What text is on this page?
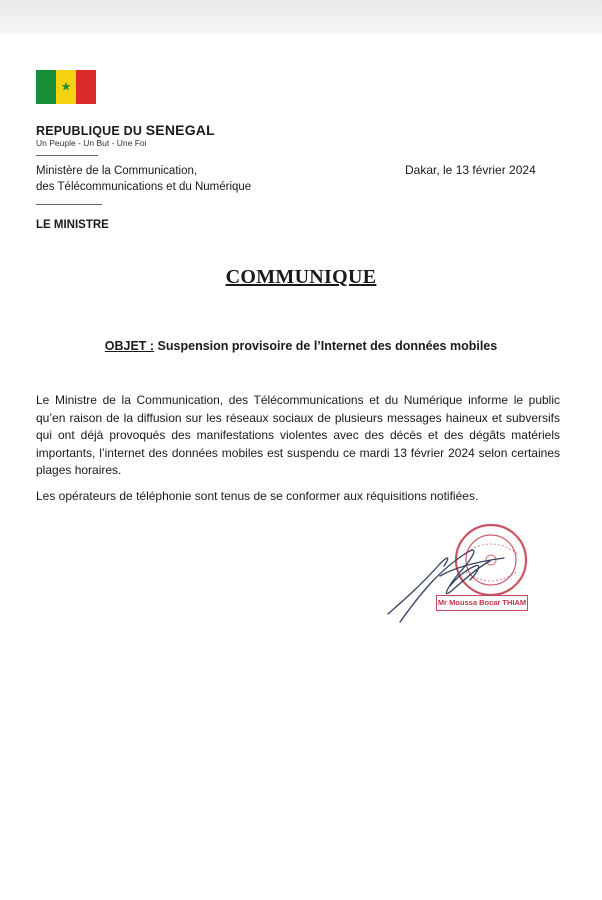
★
REPUBLIQUE DU SENEGAL
Un Peuple - Un But - Une Foi
Ministère de la Communication,
des Télécommunications et du Numérique
Dakar, le 13 février 2024
LE MINISTRE
COMMUNIQUE
OBJET : Suspension provisoire de l’Internet des données mobiles
Le Ministre de la Communication, des Télécommunications et du Numérique informe le public qu’en raison de la diffusion sur les réseaux sociaux de plusieurs messages haineux et subversifs qui ont déjà provoqués des manifestations violentes avec des décès et des dégâts matériels importants, l’internet des données mobiles est suspendu ce mardi 13 février 2024 selon certaines plages horaires.
Les opérateurs de téléphonie sont tenus de se conformer aux réquisitions notifiées.
Mr Moussa Bocar THIAM
